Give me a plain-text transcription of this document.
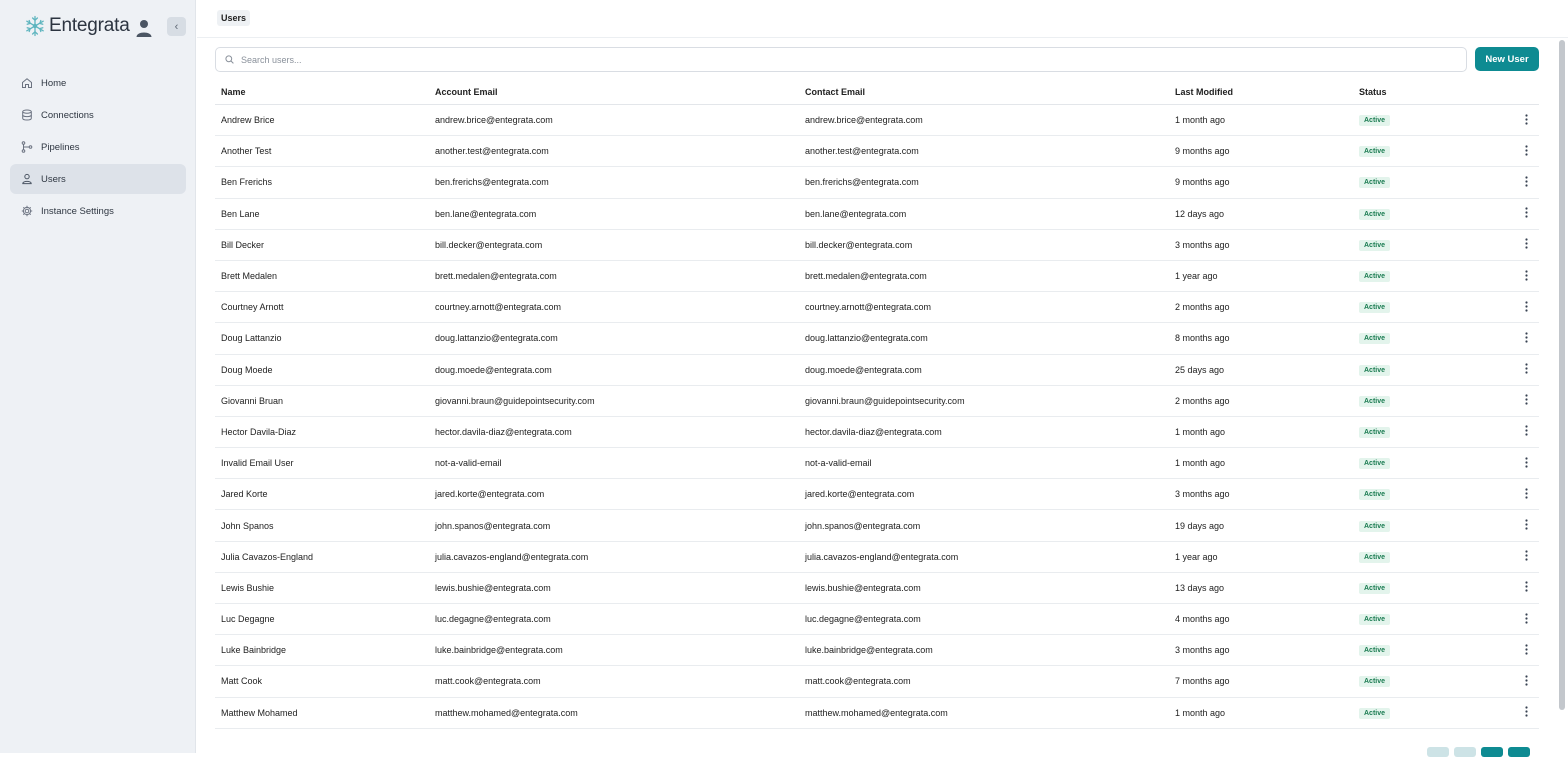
Entegrata	‹
Home
Connections
Pipelines
Users
Instance Settings
Users
Search users...
New User
Name	Account Email	Contact Email	Last Modified	Status
Andrew Brice	andrew.brice@entegrata.com	andrew.brice@entegrata.com	1 month ago	Active
Another Test	another.test@entegrata.com	another.test@entegrata.com	9 months ago	Active
Ben Frerichs	ben.frerichs@entegrata.com	ben.frerichs@entegrata.com	9 months ago	Active
Ben Lane	ben.lane@entegrata.com	ben.lane@entegrata.com	12 days ago	Active
Bill Decker	bill.decker@entegrata.com	bill.decker@entegrata.com	3 months ago	Active
Brett Medalen	brett.medalen@entegrata.com	brett.medalen@entegrata.com	1 year ago	Active
Courtney Arnott	courtney.arnott@entegrata.com	courtney.arnott@entegrata.com	2 months ago	Active
Doug Lattanzio	doug.lattanzio@entegrata.com	doug.lattanzio@entegrata.com	8 months ago	Active
Doug Moede	doug.moede@entegrata.com	doug.moede@entegrata.com	25 days ago	Active
Giovanni Bruan	giovanni.braun@guidepointsecurity.com	giovanni.braun@guidepointsecurity.com	2 months ago	Active
Hector Davila-Diaz	hector.davila-diaz@entegrata.com	hector.davila-diaz@entegrata.com	1 month ago	Active
Invalid Email User	not-a-valid-email	not-a-valid-email	1 month ago	Active
Jared Korte	jared.korte@entegrata.com	jared.korte@entegrata.com	3 months ago	Active
John Spanos	john.spanos@entegrata.com	john.spanos@entegrata.com	19 days ago	Active
Julia Cavazos-England	julia.cavazos-england@entegrata.com	julia.cavazos-england@entegrata.com	1 year ago	Active
Lewis Bushie	lewis.bushie@entegrata.com	lewis.bushie@entegrata.com	13 days ago	Active
Luc Degagne	luc.degagne@entegrata.com	luc.degagne@entegrata.com	4 months ago	Active
Luke Bainbridge	luke.bainbridge@entegrata.com	luke.bainbridge@entegrata.com	3 months ago	Active
Matt Cook	matt.cook@entegrata.com	matt.cook@entegrata.com	7 months ago	Active
Matthew Mohamed	matthew.mohamed@entegrata.com	matthew.mohamed@entegrata.com	1 month ago	Active
